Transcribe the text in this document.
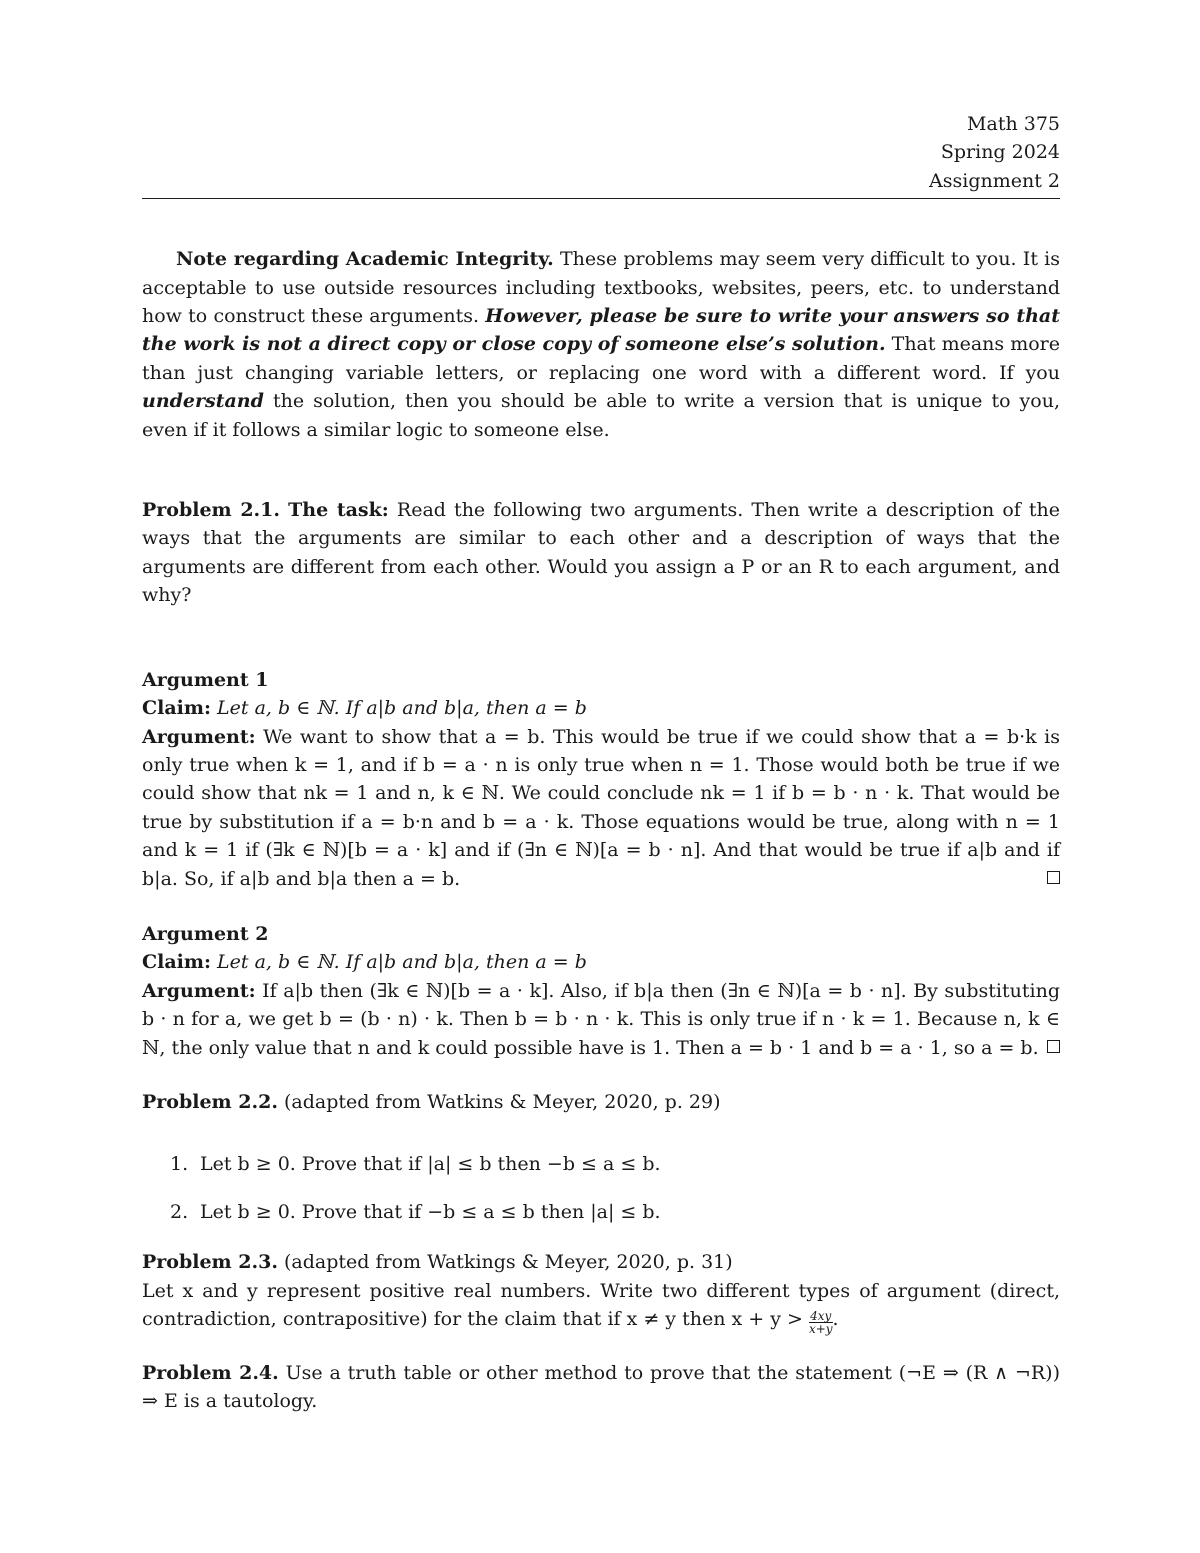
Math 375
Spring 2024
Assignment 2

Note regarding Academic Integrity. These problems may seem very difficult to you. It is acceptable to use outside resources including textbooks, websites, peers, etc. to understand how to construct these arguments. However, please be sure to write your answers so that the work is not a direct copy or close copy of someone else’s solution. That means more than just changing variable letters, or replacing one word with a different word. If you understand the solution, then you should be able to write a version that is unique to you, even if it follows a similar logic to someone else.

Problem 2.1. The task: Read the following two arguments. Then write a description of the ways that the arguments are similar to each other and a description of ways that the arguments are different from each other. Would you assign a P or an R to each argument, and why?

Argument 1
Claim: Let a, b ∈ ℕ. If a|b and b|a, then a = b

Argument: We want to show that a = b. This would be true if we could show that a = b·k is only true when k = 1, and if b = a · n is only true when n = 1. Those would both be true if we could show that nk = 1 and n, k ∈ ℕ. We could conclude nk = 1 if b = b · n · k. That would be true by substitution if a = b·n and b = a · k. Those equations would be true, along with n = 1 and k = 1 if (∃k ∈ ℕ)[b = a · k] and if (∃n ∈ ℕ)[a = b · n]. And that would be true if a|b and if b|a. So, if a|b and b|a then a = b.

Argument 2
Claim: Let a, b ∈ ℕ. If a|b and b|a, then a = b

Argument: If a|b then (∃k ∈ ℕ)[b = a · k]. Also, if b|a then (∃n ∈ ℕ)[a = b · n]. By substituting b · n for a, we get b = (b · n) · k. Then b = b · n · k. This is only true if n · k = 1. Because n, k ∈ ℕ, the only value that n and k could possible have is 1. Then a = b · 1 and b = a · 1, so a = b.

Problem 2.2. (adapted from Watkins & Meyer, 2020, p. 29)

1. Let b ≥ 0. Prove that if |a| ≤ b then −b ≤ a ≤ b.
2. Let b ≥ 0. Prove that if −b ≤ a ≤ b then |a| ≤ b.
Problem 2.3. (adapted from Watkings & Meyer, 2020, p. 31)

Let x and y represent positive real numbers. Write two different types of argument (direct, contradiction, contrapositive) for the claim that if x ≠ y then $x + y > \frac{4xy}{x+y}$ .

Problem 2.4. Use a truth table or other method to prove that the statement (¬E ⇒ (R ∧ ¬R)) ⇒ E is a tautology.
